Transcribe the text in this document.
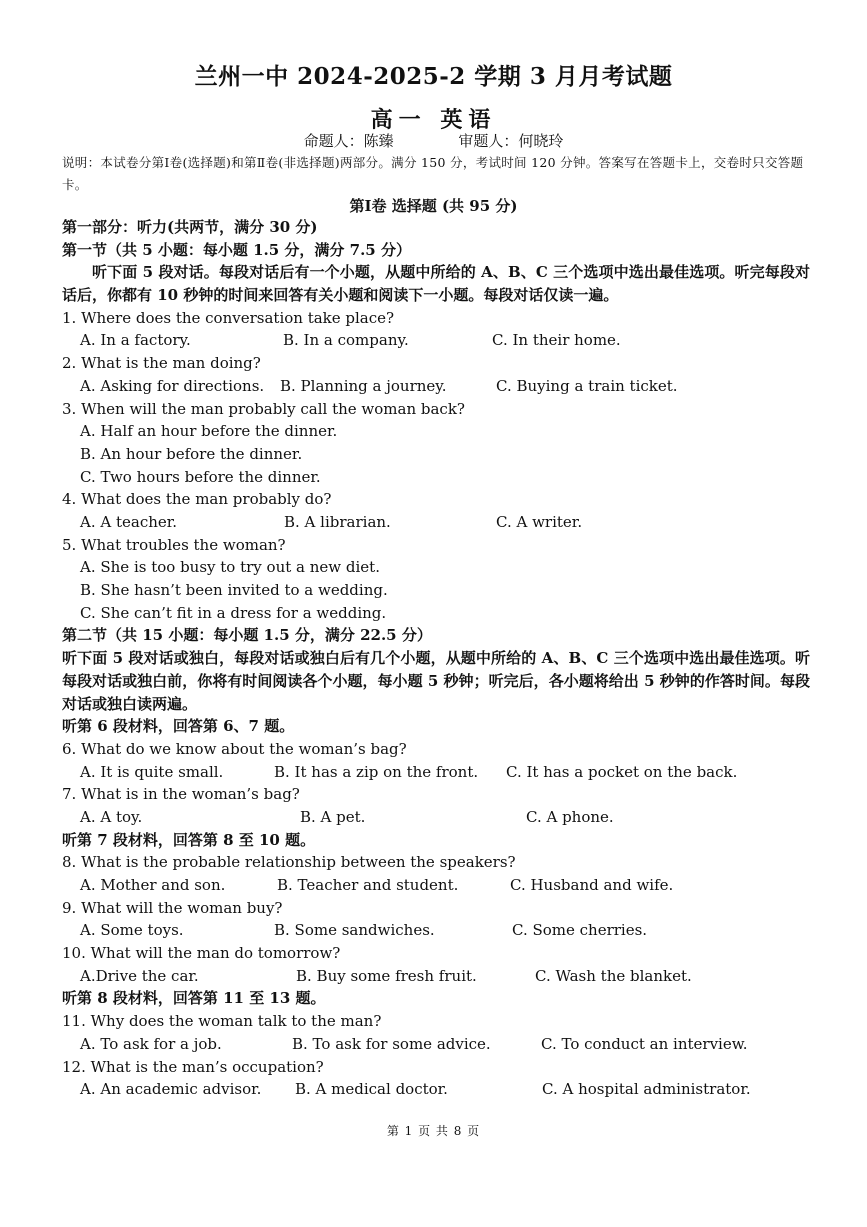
兰州一中 2024-2025-2 学期 3 月月考试题
高一 英语
命题人：陈臻	审题人：何晓玲
说明：本试卷分第Ⅰ卷(选择题)和第Ⅱ卷(非选择题)两部分。满分 150 分，考试时间 120 分钟。答案写在答题卡上，交卷时只交答题卡。
第Ⅰ卷 选择题 (共 95 分)
第一部分：听力(共两节，满分 30 分)
第一节（共 5 小题：每小题 1.5 分，满分 7.5 分）
听下面 5 段对话。每段对话后有一个小题，从题中所给的 A、B、C 三个选项中选出最佳选项。听完每段对话后，你都有 10 秒钟的时间来回答有关小题和阅读下一小题。每段对话仅读一遍。
1. Where does the conversation take place?
A. In a factory.	B. In a company.	C. In their home.
2. What is the man doing?
A. Asking for directions. B. Planning a journey.	C. Buying a train ticket.
3. When will the man probably call the woman back?
A. Half an hour before the dinner.
B. An hour before the dinner.
C. Two hours before the dinner.
4. What does the man probably do?
A. A teacher.	B. A librarian.	C. A writer.
5. What troubles the woman?
A. She is too busy to try out a new diet.
B. She hasn’t been invited to a wedding.
C. She can’t fit in a dress for a wedding.
第二节（共 15 小题：每小题 1.5 分，满分 22.5 分）
听下面 5 段对话或独白，每段对话或独白后有几个小题，从题中所给的 A、B、C 三个选项中选出最佳选项。听每段对话或独白前，你将有时间阅读各个小题，每小题 5 秒钟；听完后，各小题将给出 5 秒钟的作答时间。每段对话或独白读两遍。
听第 6 段材料，回答第 6、7 题。
6. What do we know about the woman’s bag?
A. It is quite small.	B. It has a zip on the front. C. It has a pocket on the back.
7. What is in the woman’s bag?
A. A toy.	B. A pet.	C. A phone.
听第 7 段材料，回答第 8 至 10 题。
8. What is the probable relationship between the speakers?
A. Mother and son.	B. Teacher and student.	C. Husband and wife.
9. What will the woman buy?
A. Some toys.	B. Some sandwiches.	C. Some cherries.
10. What will the man do tomorrow?
A.Drive the car.	B. Buy some fresh fruit.	C. Wash the blanket.
听第 8 段材料，回答第 11 至 13 题。
11. Why does the woman talk to the man?
A. To ask for a job.	B. To ask for some advice.	C. To conduct an interview.
12. What is the man’s occupation?
A. An academic advisor. B. A medical doctor.	C. A hospital administrator.
第 1 页 共 8 页
